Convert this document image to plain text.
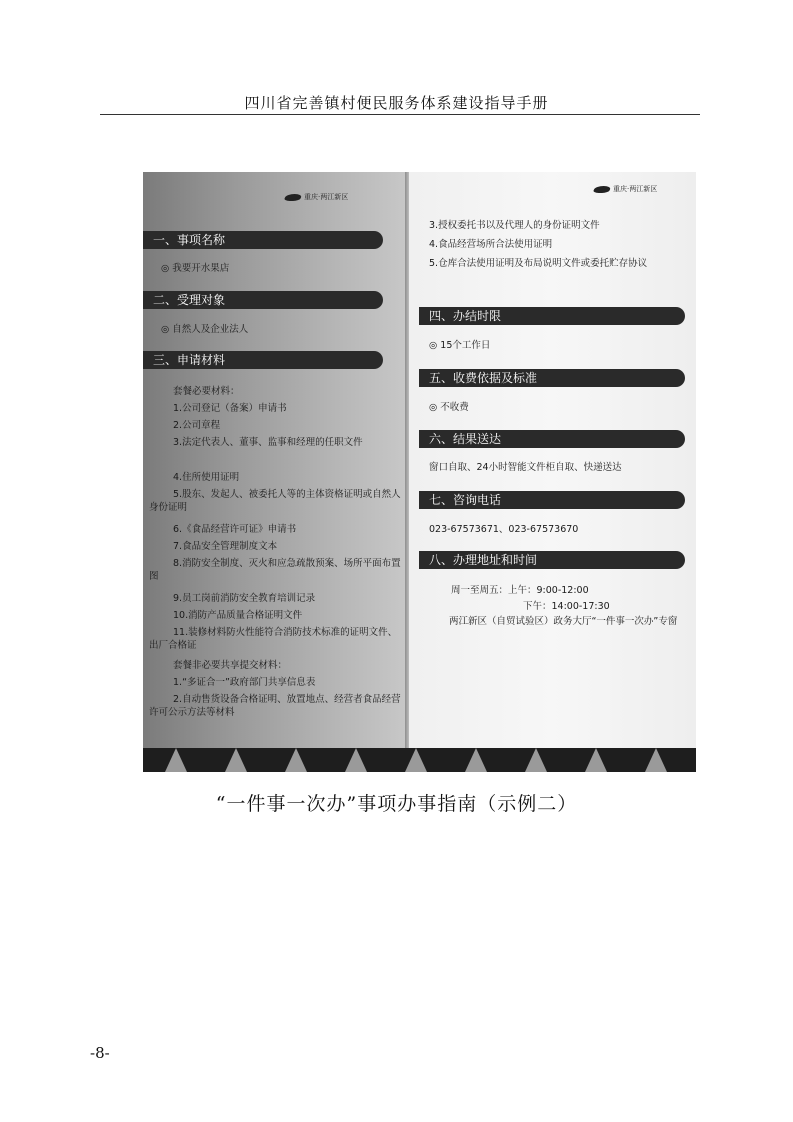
四川省完善镇村便民服务体系建设指导手册
重庆·两江新区
一、事项名称
◎ 我要开水果店
二、受理对象
◎ 自然人及企业法人
三、申请材料
套餐必要材料：
1.公司登记（备案）申请书
2.公司章程
3.法定代表人、董事、监事和经理的任职文件
4.住所使用证明
5.股东、发起人、被委托人等的主体资格证明或自然人身份证明
6.《食品经营许可证》申请书
7.食品安全管理制度文本
8.消防安全制度、灭火和应急疏散预案、场所平面布置图
9.员工岗前消防安全教育培训记录
10.消防产品质量合格证明文件
11.装修材料防火性能符合消防技术标准的证明文件、出厂合格证
套餐非必要共享提交材料：
1.“多证合一”政府部门共享信息表
2.自动售货设备合格证明、放置地点、经营者食品经营许可公示方法等材料
重庆·两江新区
3.授权委托书以及代理人的身份证明文件
4.食品经营场所合法使用证明
5.仓库合法使用证明及布局说明文件或委托贮存协议
四、办结时限
◎ 15个工作日
五、收费依据及标准
◎ 不收费
六、结果送达
窗口自取、24小时智能文件柜自取、快递送达
七、咨询电话
023-67573671、023-67573670
八、办理地址和时间
周一至周五：上午：9:00-12:00
下午：14:00-17:30
两江新区（自贸试验区）政务大厅“一件事一次办”专窗
“一件事一次办”事项办事指南（示例二）
-8-
